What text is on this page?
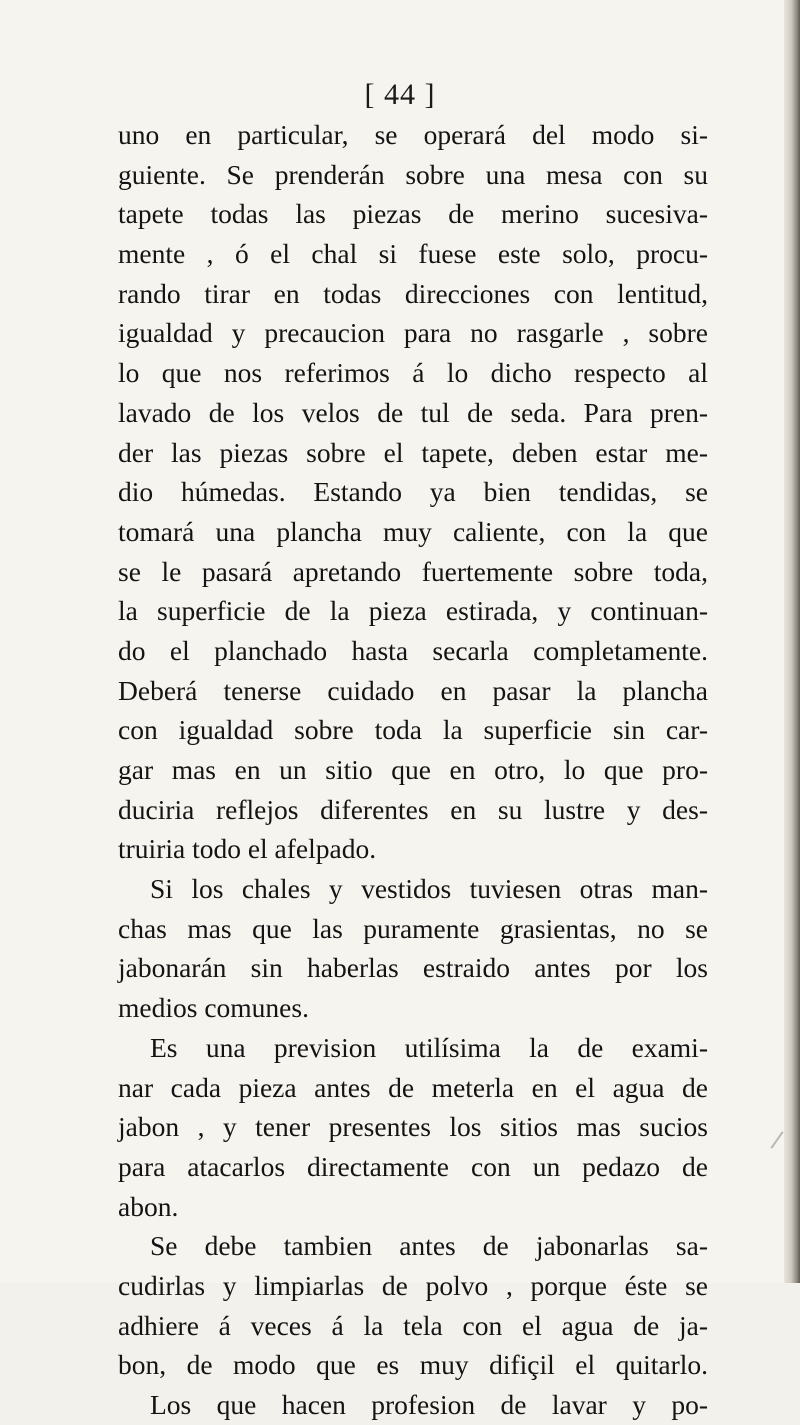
[ 44 ]
uno en particular, se operará del modo si-
guiente. Se prenderán sobre una mesa con su
tapete todas las piezas de merino sucesiva-
mente , ó el chal si fuese este solo, procu-
rando tirar en todas direcciones con lentitud,
igualdad y precaucion para no rasgarle , sobre
lo que nos referimos á lo dicho respecto al
lavado de los velos de tul de seda. Para pren-
der las piezas sobre el tapete, deben estar me-
dio húmedas. Estando ya bien tendidas, se
tomará una plancha muy caliente, con la que
se le pasará apretando fuertemente sobre toda,
la superficie de la pieza estirada, y continuan-
do el planchado hasta secarla completamente.
Deberá tenerse cuidado en pasar la plancha
con igualdad sobre toda la superficie sin car-
gar mas en un sitio que en otro, lo que pro-
duciria reflejos diferentes en su lustre y des-
truiria todo el afelpado.
Si los chales y vestidos tuviesen otras man-
chas mas que las puramente grasientas, no se
jabonarán sin haberlas estraido antes por los
medios comunes.
Es una prevision utilísima la de exami-
nar cada pieza antes de meterla en el agua de
jabon , y tener presentes los sitios mas sucios
para atacarlos directamente con un pedazo de
abon.
Se debe tambien antes de jabonarlas sa-
cudirlas y limpiarlas de polvo , porque éste se
adhiere á veces á la tela con el agua de ja-
bon, de modo que es muy difiçil el quitarlo.
Los que hacen profesion de lavar y po-
